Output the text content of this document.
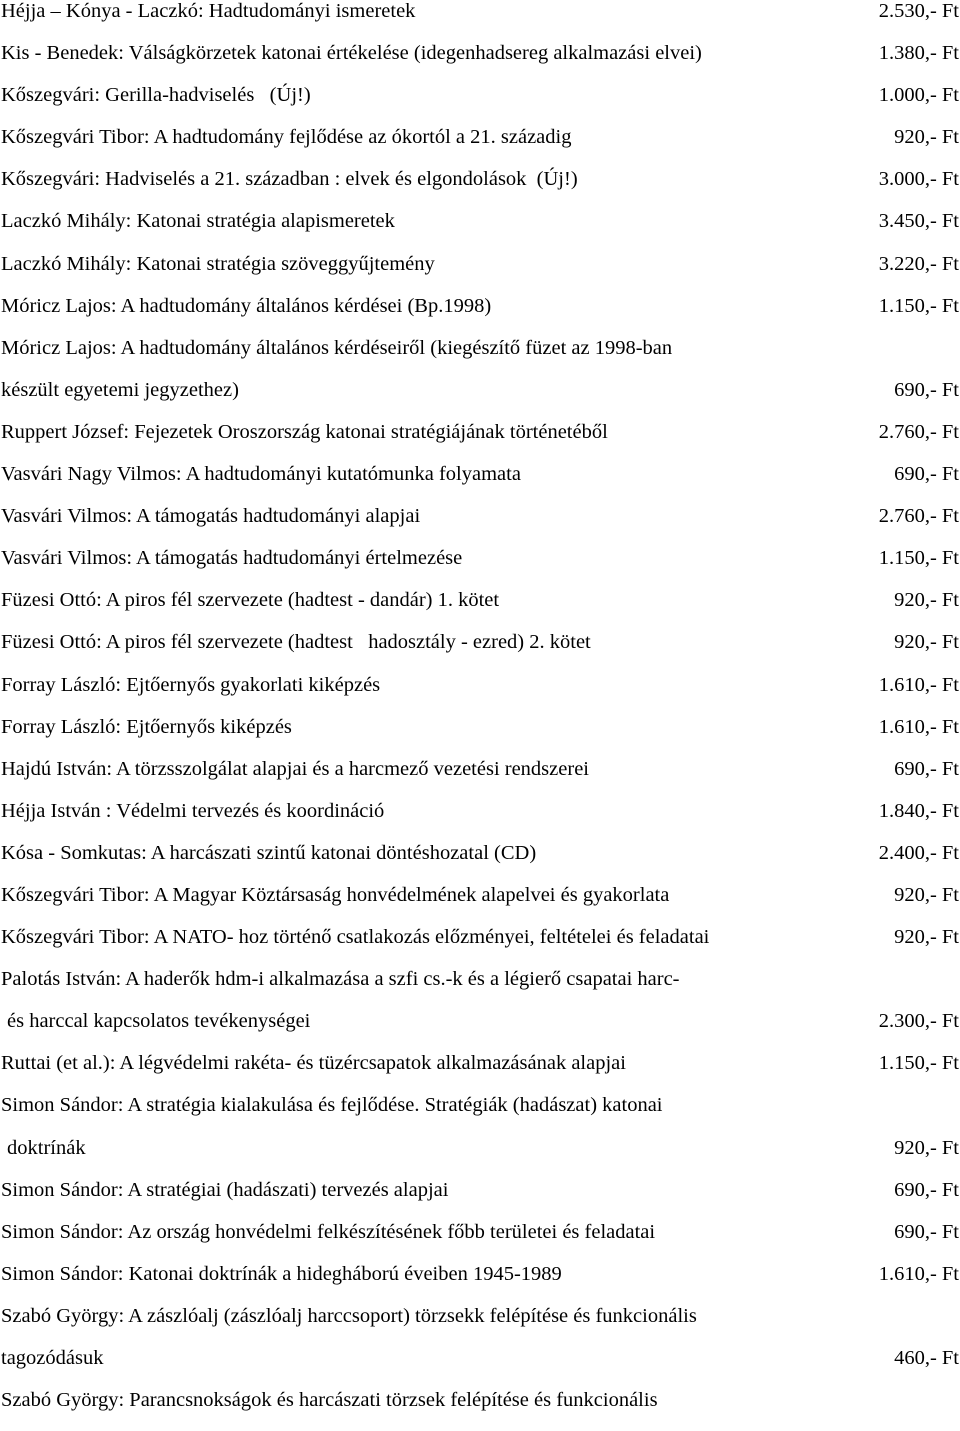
Héjja – Kónya - Laczkó: Hadtudományi ismeretek	2.530,- Ft
Kis - Benedek: Válságkörzetek katonai értékelése (idegenhadsereg alkalmazási elvei)	1.380,- Ft
Kőszegvári: Gerilla-hadviselés   (Új!)	1.000,- Ft
Kőszegvári Tibor: A hadtudomány fejlődése az ókortól a 21. századig	920,- Ft
Kőszegvári: Hadviselés a 21. században : elvek és elgondolások  (Új!)	3.000,- Ft
Laczkó Mihály: Katonai stratégia alapismeretek	3.450,- Ft
Laczkó Mihály: Katonai stratégia szöveggyűjtemény	3.220,- Ft
Móricz Lajos: A hadtudomány általános kérdései (Bp.1998)	1.150,- Ft
Móricz Lajos: A hadtudomány általános kérdéseiről (kiegészítő füzet az 1998-ban
készült egyetemi jegyzethez)	690,- Ft
Ruppert József: Fejezetek Oroszország katonai stratégiájának történetéből	2.760,- Ft
Vasvári Nagy Vilmos: A hadtudományi kutatómunka folyamata	690,- Ft
Vasvári Vilmos: A támogatás hadtudományi alapjai	2.760,- Ft
Vasvári Vilmos: A támogatás hadtudományi értelmezése	1.150,- Ft
Füzesi Ottó: A piros fél szervezete (hadtest - dandár) 1. kötet	920,- Ft
Füzesi Ottó: A piros fél szervezete (hadtest   hadosztály - ezred) 2. kötet	920,- Ft
Forray László: Ejtőernyős gyakorlati kiképzés	1.610,- Ft
Forray László: Ejtőernyős kiképzés	1.610,- Ft
Hajdú István: A törzsszolgálat alapjai és a harcmező vezetési rendszerei	690,- Ft
Héjja István : Védelmi tervezés és koordináció	1.840,- Ft
Kósa - Somkutas: A harcászati szintű katonai döntéshozatal (CD)	2.400,- Ft
Kőszegvári Tibor: A Magyar Köztársaság honvédelmének alapelvei és gyakorlata	920,- Ft
Kőszegvári Tibor: A NATO- hoz történő csatlakozás előzményei, feltételei és feladatai	920,- Ft
Palotás István: A haderők hdm-i alkalmazása a szfi cs.-k és a légierő csapatai harc-
és harccal kapcsolatos tevékenységei	2.300,- Ft
Ruttai (et al.): A légvédelmi rakéta- és tüzércsapatok alkalmazásának alapjai	1.150,- Ft
Simon Sándor: A stratégia kialakulása és fejlődése. Stratégiák (hadászat) katonai
doktrínák	920,- Ft
Simon Sándor: A stratégiai (hadászati) tervezés alapjai	690,- Ft
Simon Sándor: Az ország honvédelmi felkészítésének főbb területei és feladatai	690,- Ft
Simon Sándor: Katonai doktrínák a hidegháború éveiben 1945-1989	1.610,- Ft
Szabó György: A zászlóalj (zászlóalj harccsoport) törzsekk felépítése és funkcionális
tagozódásuk	460,- Ft
Szabó György: Parancsnokságok és harcászati törzsek felépítése és funkcionális
